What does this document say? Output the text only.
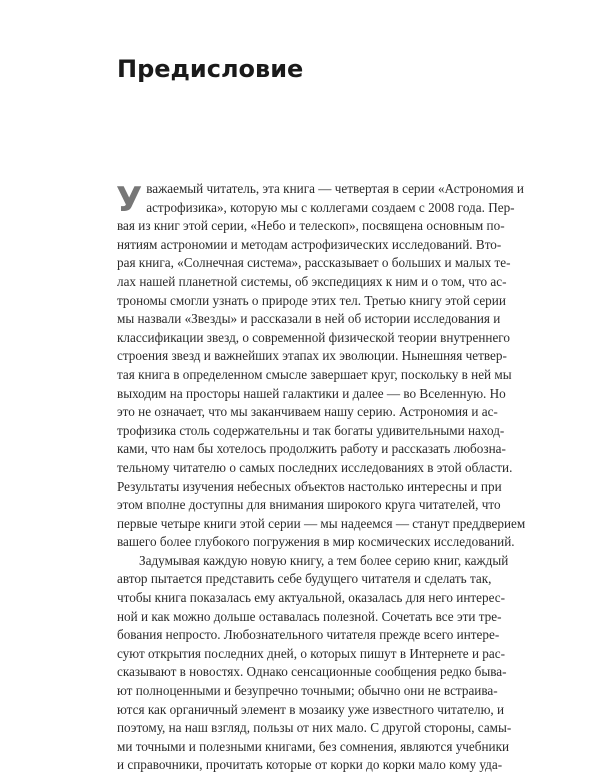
Предисловие
У важаемый читатель, эта книга — четвертая в серии «Астрономия и
астрофизика», которую мы с коллегами создаем с 2008 года. Пер-
вая из книг этой серии, «Небо и телескоп», посвящена основным по-
нятиям астрономии и методам астрофизических исследований. Вто-
рая книга, «Солнечная система», рассказывает о больших и малых те-
лах нашей планетной системы, об экспедициях к ним и о том, что ас-
трономы смогли узнать о природе этих тел. Третью книгу этой серии
мы назвали «Звезды» и рассказали в ней об истории исследования и
классификации звезд, о современной физической теории внутреннего
строения звезд и важнейших этапах их эволюции. Нынешняя четвер-
тая книга в определенном смысле завершает круг, поскольку в ней мы
выходим на просторы нашей галактики и далее — во Вселенную. Но
это не означает, что мы заканчиваем нашу серию. Астрономия и ас-
трофизика столь содержательны и так богаты удивительными наход-
ками, что нам бы хотелось продолжить работу и рассказать любозна-
тельному читателю о самых последних исследованиях в этой области.
Результаты изучения небесных объектов настолько интересны и при
этом вполне доступны для внимания широкого круга читателей, что
первые четыре книги этой серии — мы надеемся — станут преддверием
вашего более глубокого погружения в мир космических исследований.
Задумывая каждую новую книгу, а тем более серию книг, каждый
автор пытается представить себе будущего читателя и сделать так,
чтобы книга показалась ему актуальной, оказалась для него интерес-
ной и как можно дольше оставалась полезной. Сочетать все эти тре-
бования непросто. Любознательного читателя прежде всего интере-
суют открытия последних дней, о которых пишут в Интернете и рас-
сказывают в новостях. Однако сенсационные сообщения редко быва-
ют полноценными и безупречно точными; обычно они не встраива-
ются как органичный элемент в мозаику уже известного читателю, и
поэтому, на наш взгляд, пользы от них мало. С другой стороны, самы-
ми точными и полезными книгами, без сомнения, являются учебники
и справочники, прочитать которые от корки до корки мало кому уда-
